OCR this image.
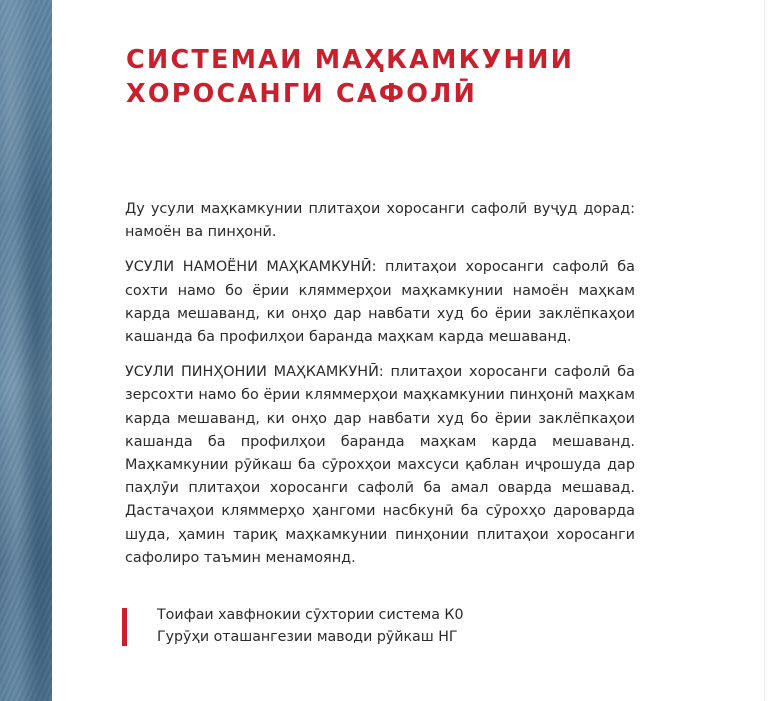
СИСТЕМАИ МАҲКАМКУНИИ
ХОРОСАНГИ САФОЛӢ

Ду усули маҳкамкунии плитаҳои хоросанги сафолӣ вуҷуд дорад: намоён ва пинҳонӣ.

УСУЛИ НАМОЁНИ МАҲКАМКУНӢ: плитаҳои хоросанги сафолӣ ба сохти намо бо ёрии кляммерҳои маҳкамкунии намоён маҳкам карда мешаванд, ки онҳо дар навбати худ бо ёрии заклёпкаҳои кашанда ба профилҳои баранда маҳкам карда мешаванд.

УСУЛИ ПИНҲОНИИ МАҲКАМКУНӢ: плитаҳои хоросанги сафолӣ ба зерсохти намо бо ёрии кляммерҳои маҳкамкунии пинҳонӣ маҳкам карда мешаванд, ки онҳо дар навбати худ бо ёрии заклёпкаҳои кашанда ба профилҳои баранда маҳкам карда мешаванд. Маҳкамкунии рӯйкаш ба сӯрохҳои махсуси қаблан иҷрошуда дар паҳлӯи плитаҳои хоросанги сафолӣ ба амал оварда мешавад. Дастачаҳои кляммерҳо ҳангоми насбкунӣ ба сӯрохҳо дароварда шуда, ҳамин тариқ маҳкамкунии пинҳонии плитаҳои хоросанги сафолиро таъмин менамоянд.

Тоифаи хавфнокии сӯхтории система К0
Гурӯҳи оташангезии маводи рӯйкаш НГ
